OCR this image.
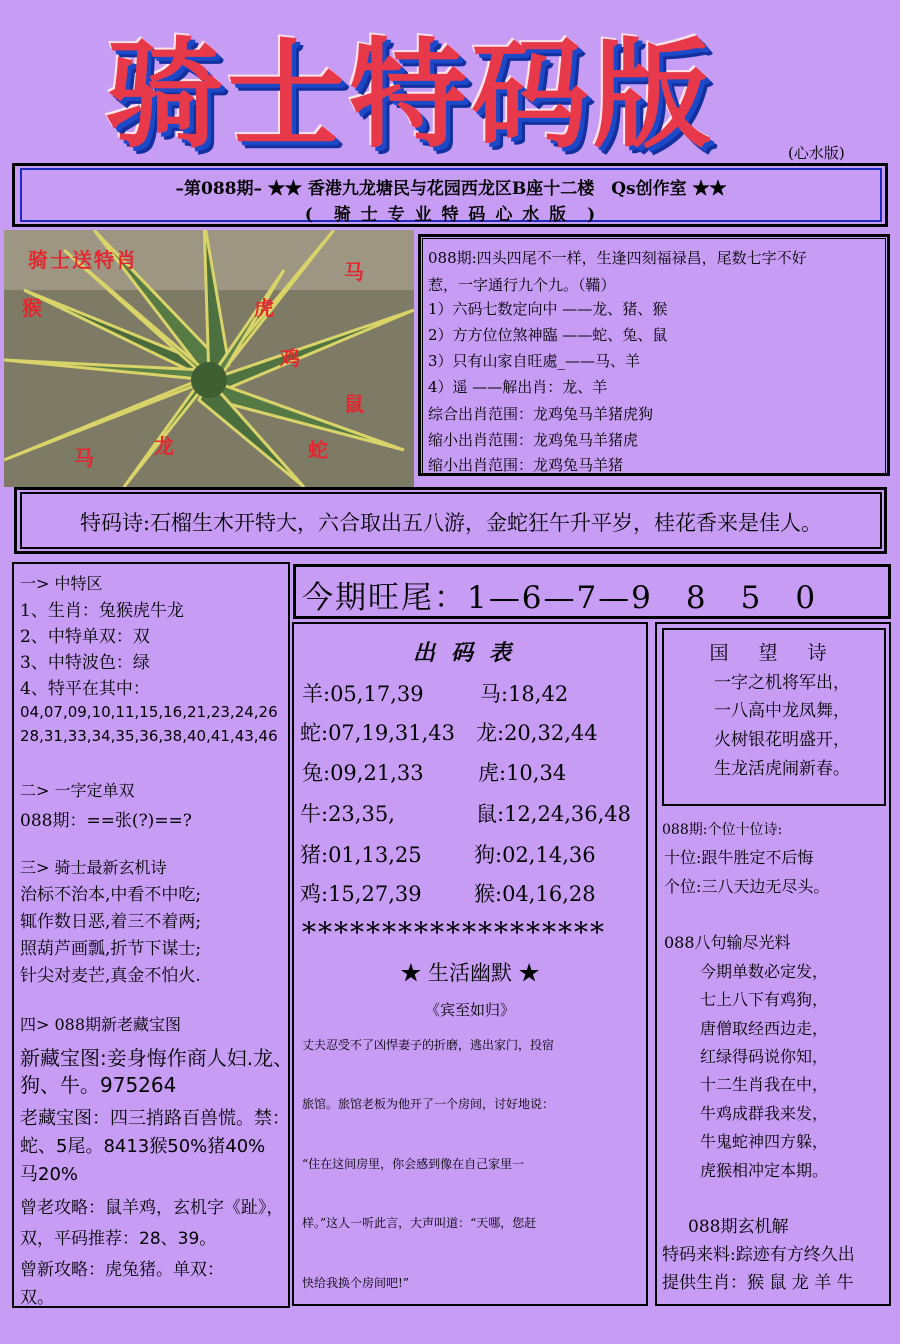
骑士特码版	(心水版)
–第088期– ★★ 香港九龙塘民与花园西龙区B座十二楼　Qs创作室 ★★
(　骑 士 专 业 特 码 心 水 版　)
骑士送特肖	马
猴	虎
鸡
鼠
马	龙	蛇
088期:四头四尾不一样，生逢四刻福禄昌，尾数七字不好
惹，一字通行九个九。（鞴）
1）六码七数定向中 ——龙、猪、猴
2）方方位位煞神臨 ——蛇、兔、鼠
3）只有山家自旺處_——马、羊
4）遥 ——解出肖：龙、羊
综合出肖范围：龙鸡兔马羊猪虎狗
缩小出肖范围：龙鸡兔马羊猪虎
缩小出肖范围：龙鸡兔马羊猪
特码诗:石榴生木开特大，六合取出五八游，金蛇狂午升平岁，桂花香来是佳人。
一> 中特区
1、生肖：兔猴虎牛龙
2、中特单双：双
3、中特波色：绿
4、特平在其中：
04,07,09,10,11,15,16,21,23,24,26
28,31,33,34,35,36,38,40,41,43,46
二> 一字定单双
088期：==张(?)==?
三> 骑士最新玄机诗
治标不治本,中看不中吃;
辄作数日恶,着三不着两;
照葫芦画瓢,折节下谋士;
针尖对麦芒,真金不怕火.
四> 088期新老藏宝图
新藏宝图:妾身悔作商人妇.龙、
狗、牛。975264
老藏宝图：四三捎路百兽慌。禁：
蛇、5尾。8413猴50%猪40%
马20%
曾老攻略：鼠羊鸡，玄机字《趾》，
双，平码推荐：28、39。
曾新攻略：虎兔猪。单双：
双。
今期旺尾：1—6—7—9　8　5　0
出码表
羊:05,17,39	马:18,42
蛇:07,19,31,43 龙:20,32,44
兔:09,21,33	虎:10,34
牛:23,35,	鼠:12,24,36,48
猪:01,13,25 狗:02,14,36
鸡:15,27,39 猴:04,16,28
*******************
★ 生活幽默 ★
《宾至如归》
丈夫忍受不了凶悍妻子的折磨，逃出家门，投宿
旅馆。旅馆老板为他开了一个房间，讨好地说：
“住在这间房里，你会感到像在自己家里一
样。”这人一听此言，大声叫道：“天哪，您赶
快给我换个房间吧!”
国 望 诗
一字之机将军出，
一八高中龙凤舞，
火树银花明盛开，
生龙活虎闹新春。
088期:个位十位诗:
十位:跟牛胜定不后悔
个位:三八天边无尽头。
088八句输尽光料
今期单数必定发，
七上八下有鸡狗，
唐僧取经西边走，
红绿得码说你知，
十二生肖我在中，
牛鸡成群我来发，
牛鬼蛇神四方躲，
虎猴相冲定本期。
088期玄机解
特码来料:踪迹有方终久出
提供生肖：猴 鼠 龙 羊 牛
